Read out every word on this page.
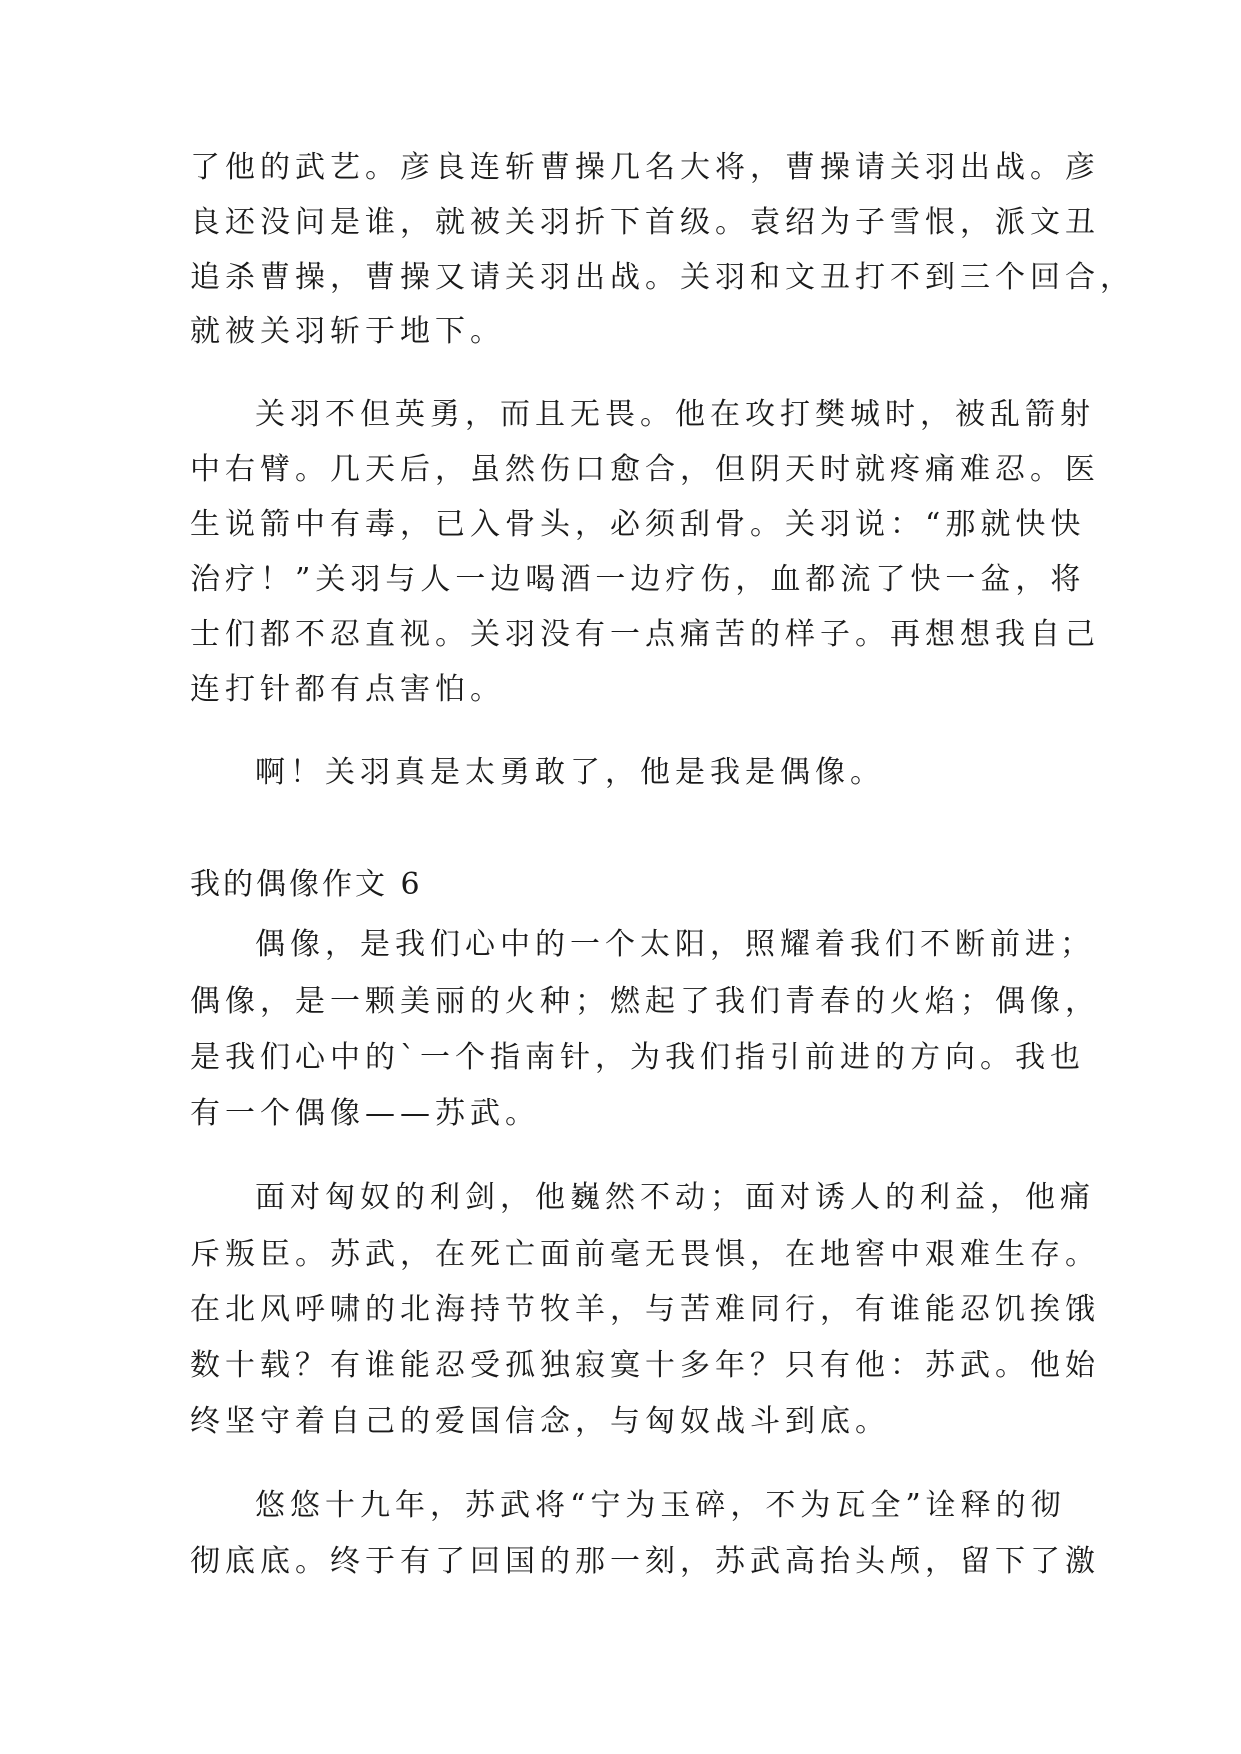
了他的武艺。彦良连斩曹操几名大将，曹操请关羽出战。彦
良还没问是谁，就被关羽折下首级。袁绍为子雪恨，派文丑
追杀曹操，曹操又请关羽出战。关羽和文丑打不到三个回合，
就被关羽斩于地下。
关羽不但英勇，而且无畏。他在攻打樊城时，被乱箭射
中右臂。几天后，虽然伤口愈合，但阴天时就疼痛难忍。医
生说箭中有毒，已入骨头，必须刮骨。关羽说：“那就快快
治疗！”关羽与人一边喝酒一边疗伤，血都流了快一盆，将
士们都不忍直视。关羽没有一点痛苦的样子。再想想我自己
连打针都有点害怕。
啊！关羽真是太勇敢了，他是我是偶像。
我的偶像作文 6
偶像，是我们心中的一个太阳，照耀着我们不断前进；
偶像，是一颗美丽的火种；燃起了我们青春的火焰；偶像，
是我们心中的`一个指南针，为我们指引前进的方向。我也
有一个偶像——苏武。
面对匈奴的利剑，他巍然不动；面对诱人的利益，他痛
斥叛臣。苏武，在死亡面前毫无畏惧，在地窖中艰难生存。
在北风呼啸的北海持节牧羊，与苦难同行，有谁能忍饥挨饿
数十载？有谁能忍受孤独寂寞十多年？只有他：苏武。他始
终坚守着自己的爱国信念，与匈奴战斗到底。
悠悠十九年，苏武将“宁为玉碎，不为瓦全”诠释的彻
彻底底。终于有了回国的那一刻，苏武高抬头颅，留下了激
